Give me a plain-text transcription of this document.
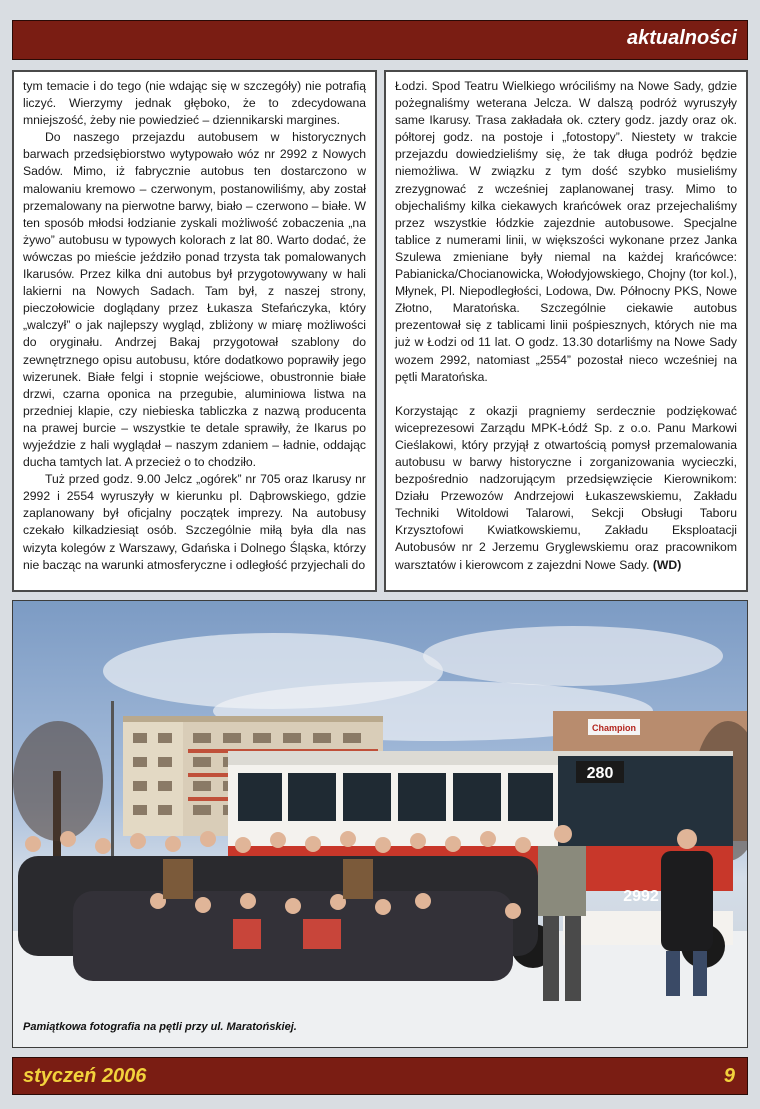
aktualności

tym temacie i do tego (nie wdając się w szczegóły) nie potrafią liczyć. Wierzymy jednak głęboko, że to zdecydowana mniejszość, żeby nie powiedzieć – dziennikarski margines.

Do naszego przejazdu autobusem w historycznych barwach przedsiębiorstwo wytypowało wóz nr 2992 z Nowych Sadów. Mimo, iż fabrycznie autobus ten dostarczono w malowaniu kremowo – czerwonym, postanowiliśmy, aby został przemalowany na pierwotne barwy, biało – czerwono – białe. W ten sposób młodsi łodzianie zyskali możliwość zobaczenia „na żywo” autobusu w typowych kolorach z lat 80. Warto dodać, że wówczas po mieście jeździło ponad trzysta tak pomalowanych Ikarusów. Przez kilka dni autobus był przygotowywany w hali lakierni na Nowych Sadach. Tam był, z naszej strony, pieczołowicie doglądany przez Łukasza Stefańczyka, który „walczył” o jak najlepszy wygląd, zbliżony w miarę możliwości do oryginału. Andrzej Bakaj przygotował szablony do zewnętrznego opisu autobusu, które dodatkowo poprawiły jego wizerunek. Białe felgi i stopnie wejściowe, obustronnie białe drzwi, czarna oponica na przegubie, aluminiowa listwa na przedniej klapie, czy niebieska tabliczka z nazwą producenta na prawej burcie – wszystkie te detale sprawiły, że Ikarus po wyjeździe z hali wyglądał – naszym zdaniem – ładnie, oddając ducha tamtych lat. A przecież o to chodziło.

Tuż przed godz. 9.00 Jelcz „ogórek” nr 705 oraz Ikarusy nr 2992 i 2554 wyruszyły w kierunku pl. Dąbrowskiego, gdzie zaplanowany był oficjalny początek imprezy. Na autobusy czekało kilkadziesiąt osób. Szczególnie miłą była dla nas wizyta kolegów z Warszawy, Gdańska i Dolnego Śląska, którzy nie bacząc na warunki atmosferyczne i odległość przyjechali do

Łodzi. Spod Teatru Wielkiego wróciliśmy na Nowe Sady, gdzie pożegnaliśmy weterana Jelcza. W dalszą podróż wyruszyły same Ikarusy. Trasa zakładała ok. cztery godz. jazdy oraz ok. półtorej godz. na postoje i „fotostopy”. Niestety w trakcie przejazdu dowiedzieliśmy się, że tak długa podróż będzie niemożliwa. W związku z tym dość szybko musieliśmy zrezygnować z wcześniej zaplanowanej trasy. Mimo to objechaliśmy kilka ciekawych krańcówek oraz przejechaliśmy przez wszystkie łódzkie zajezdnie autobusowe. Specjalne tablice z numerami linii, w większości wykonane przez Janka Szulewa zmieniane były niemal na każdej krańcówce: Pabianicka/Chocianowicka, Wołodyjowskiego, Chojny (tor kol.), Młynek, Pl. Niepodległości, Lodowa, Dw. Północny PKS, Nowe Złotno, Maratońska. Szczególnie ciekawie autobus prezentował się z tablicami linii pośpiesznych, których nie ma już w Łodzi od 11 lat. O godz. 13.30 dotarliśmy na Nowe Sady wozem 2992, natomiast „2554” pozostał nieco wcześniej na pętli Maratońska.

Korzystając z okazji pragniemy serdecznie podziękować wiceprezesowi Zarządu MPK-Łódź Sp. z o.o. Panu Markowi Cieślakowi, który przyjął z otwartością pomysł przemalowania autobusu w barwy historyczne i zorganizowania wycieczki, bezpośrednio nadzorującym przedsięwzięcie Kierownikom: Działu Przewozów Andrzejowi Łukaszewskiemu, Zakładu Techniki Witoldowi Talarowi, Sekcji Obsługi Taboru Krzysztofowi Kwiatkowskiemu, Zakładu Eksploatacji Autobusów nr 2 Jerzemu Gryglewskiemu oraz pracownikom warsztatów i kierowcom z zajezdni Nowe Sady. (WD)

Champion
280
2992
Pamiątkowa fotografia na pętli przy ul. Maratońskiej.
styczeń 2006	9
